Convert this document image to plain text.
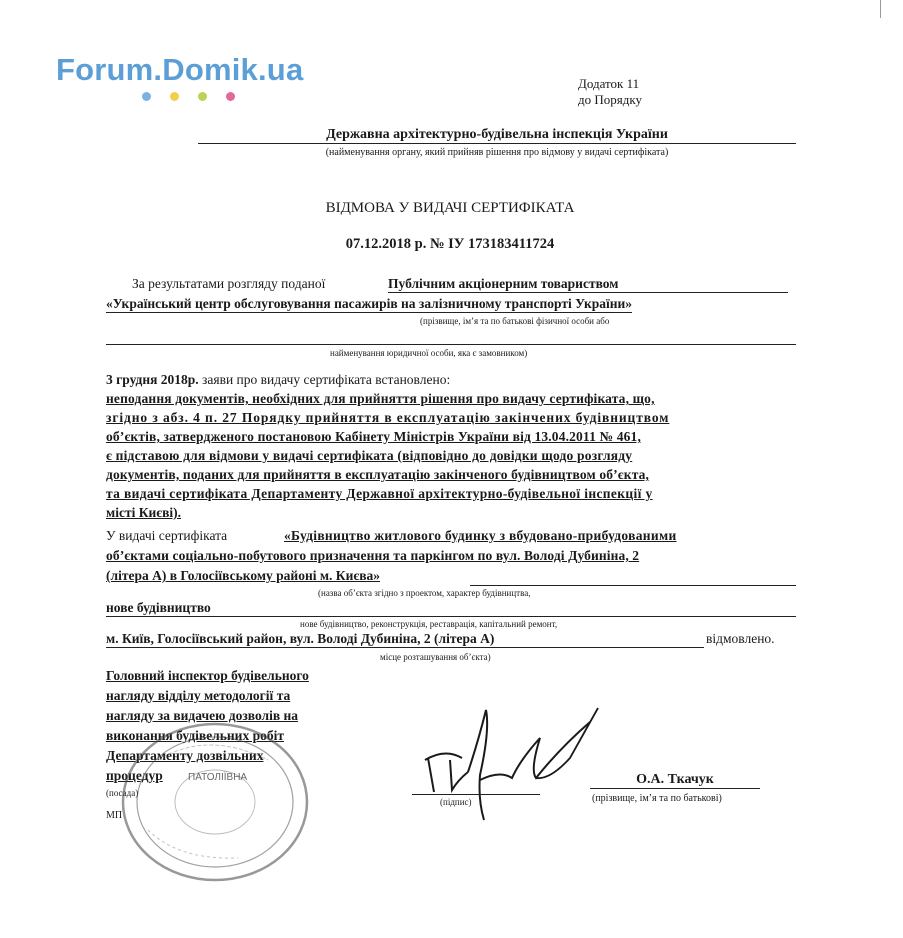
Forum.Domik.ua	Додаток 11
до Порядку
Державна архітектурно-будівельна інспекція України
(найменування органу, який прийняв рішення про відмову у видачі сертифіката)
ВІДМОВА У ВИДАЧІ СЕРТИФІКАТА
07.12.2018 р. № ІУ 173183411724
За результатами розгляду поданої	Публічним акціонерним товариством
«Український центр обслуговування пасажирів на залізничному транспорті України»
(прізвище, ім’я та по батькові фізичної особи або
найменування юридичної особи, яка є замовником)
3 грудня 2018р. заяви про видачу сертифіката встановлено:
неподання документів, необхідних для прийняття рішення про видачу сертифіката, що,
згідно з абз. 4 п. 27 Порядку прийняття в експлуатацію закінчених будівництвом
об’єктів, затвердженого постановою Кабінету Міністрів України від 13.04.2011 № 461,
є підставою для відмови у видачі сертифіката (відповідно до довідки щодо розгляду
документів, поданих для прийняття в експлуатацію закінченого будівництвом об’єкта,
та видачі сертифіката Департаменту Державної архітектурно-будівельної інспекції у
місті Києві).
У видачі сертифіката	«Будівництво житлового будинку з вбудовано-прибудованими
об’єктами соціально-побутового призначення та паркінгом по вул. Володі Дубиніна, 2
(літера А) в Голосіївському районі м. Києва»
(назва об’єкта згідно з проектом, характер будівництва,
нове будівництво
нове будівництво, реконструкція, реставрація, капітальний ремонт,
м. Київ, Голосіївський район, вул. Володі Дубиніна, 2 (літера А)	відмовлено.
місце розташування об’єкта)
Головний інспектор будівельного
нагляду відділу методології та
нагляду за видачею дозволів на
виконання будівельних робіт
Департаменту дозвільних
процедур
(посада)
ПАТОЛІЇВНА
МП
(підпис)
О.А. Ткачук
(прізвище, ім’я та по батькові)
